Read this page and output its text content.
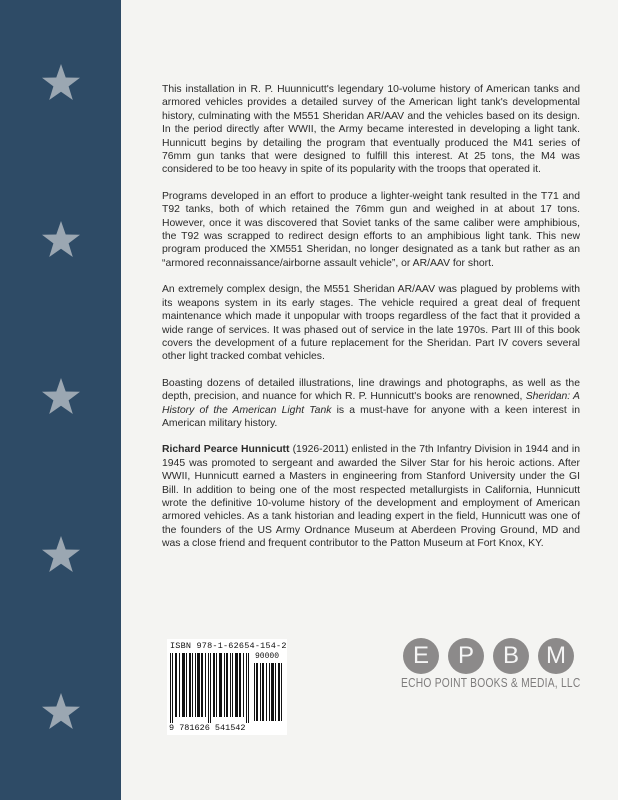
This installation in R. P. Huunnicutt's legendary 10-volume history of American tanks and armored vehicles provides a detailed survey of the American light tank's developmental history, culminating with the M551 Sheridan AR/AAV and the vehicles based on its design. In the period directly after WWII, the Army became interested in developing a light tank. Hunnicutt begins by detailing the program that eventually produced the M41 series of 76mm gun tanks that were designed to fulfill this interest. At 25 tons, the M4 was considered to be too heavy in spite of its popularity with the troops that operated it.

Programs developed in an effort to produce a lighter-weight tank resulted in the T71 and T92 tanks, both of which retained the 76mm gun and weighed in at about 17 tons. However, once it was discovered that Soviet tanks of the same caliber were amphibious, the T92 was scrapped to redirect design efforts to an amphibious light tank. This new program produced the XM551 Sheridan, no longer designated as a tank but rather as an “armored reconnaissance/airborne assault vehicle”, or AR/AAV for short.

An extremely complex design, the M551 Sheridan AR/AAV was plagued by problems with its weapons system in its early stages. The vehicle required a great deal of frequent maintenance which made it unpopular with troops regardless of the fact that it provided a wide range of services. It was phased out of service in the late 1970s. Part III of this book covers the development of a future replacement for the Sheridan. Part IV covers several other light tracked combat vehicles.

Boasting dozens of detailed illustrations, line drawings and photographs, as well as the depth, precision, and nuance for which R. P. Hunnicutt's books are renowned, Sheridan: A History of the American Light Tank is a must-have for anyone with a keen interest in American military history.

Richard Pearce Hunnicutt (1926-2011) enlisted in the 7th Infantry Division in 1944 and in 1945 was promoted to sergeant and awarded the Silver Star for his heroic actions. After WWII, Hunnicutt earned a Masters in engineering from Stanford University under the GI Bill. In addition to being one of the most respected metallurgists in California, Hunnicutt wrote the definitive 10-volume history of the development and employment of American armored vehicles. As a tank historian and leading expert in the field, Hunnicutt was one of the founders of the US Army Ordnance Museum at Aberdeen Proving Ground, MD and was a close friend and frequent contributor to the Patton Museum at Fort Knox, KY.

ISBN 978-1-62654-154-2
90000
9 781626 541542
E	P	B	M
ECHO POINT BOOKS & MEDIA, LLC
